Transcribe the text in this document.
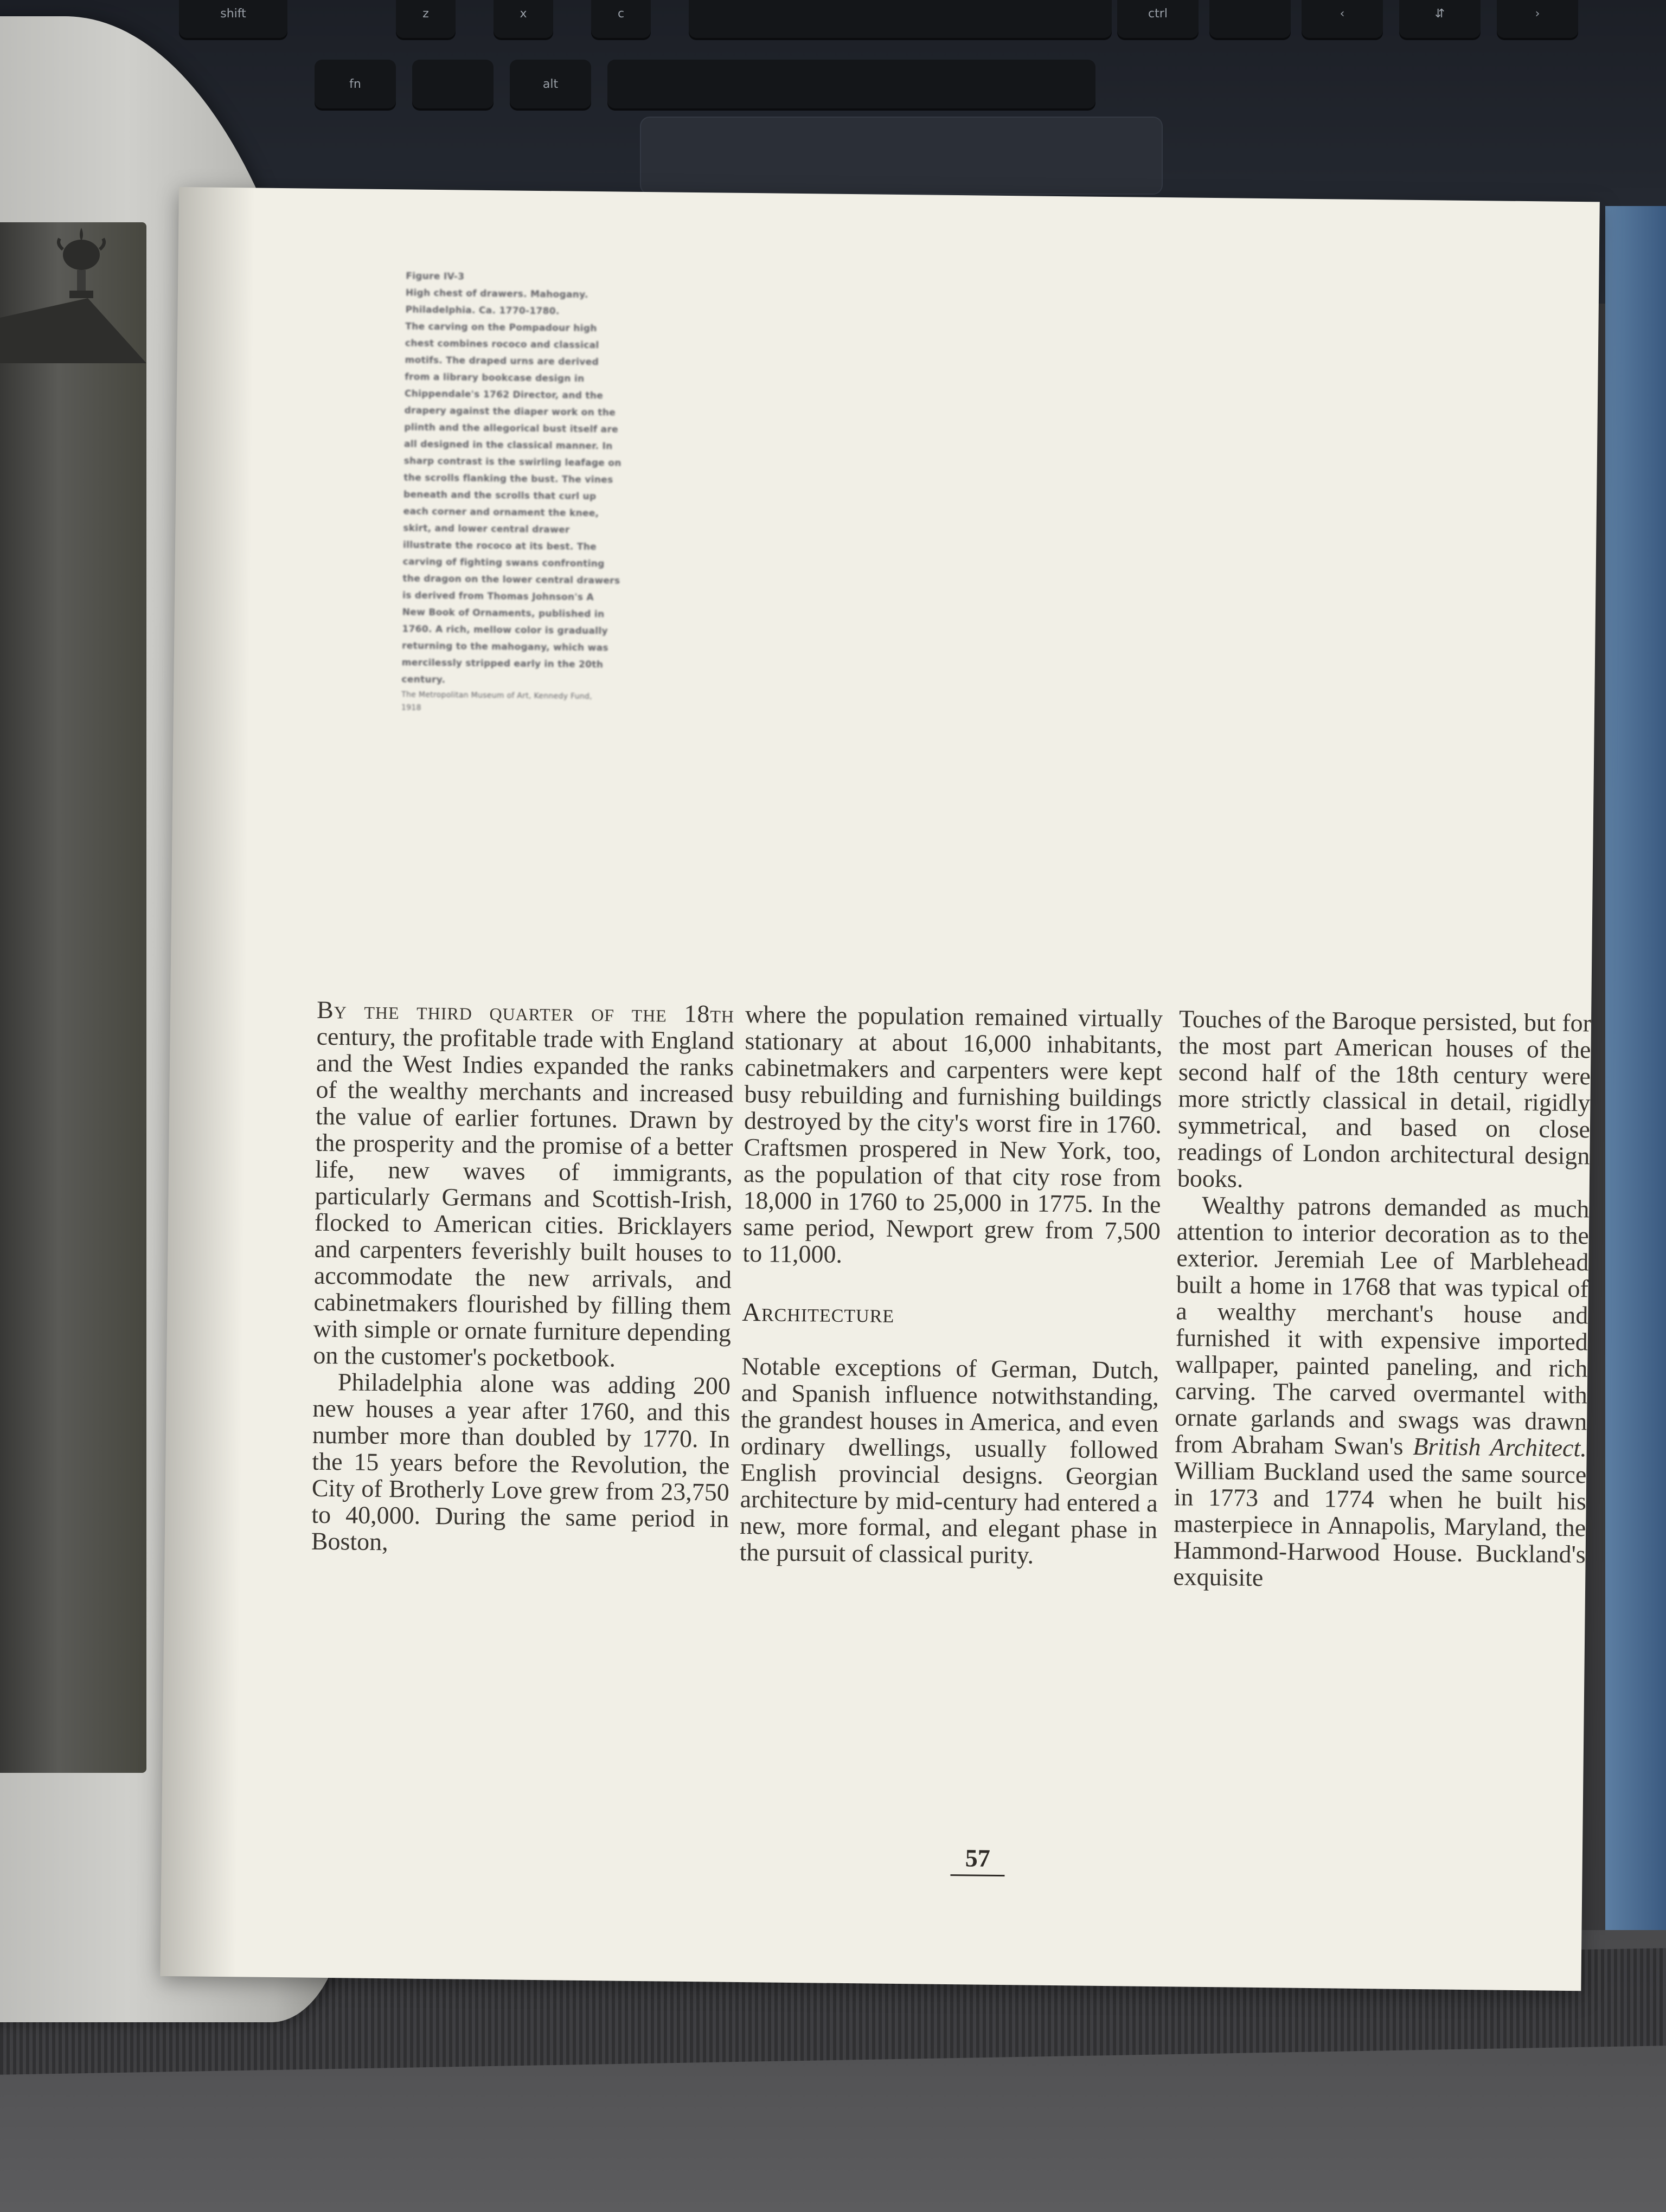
shift	z	x	c
fn	alt
ctrl	‹	⇵	›
Figure IV-3
High chest of drawers. Mahogany.
Philadelphia. Ca. 1770-1780.
The carving on the Pompadour high
chest combines rococo and classical
motifs. The draped urns are derived
from a library bookcase design in
Chippendale's 1762 Director, and the
drapery against the diaper work on the
plinth and the allegorical bust itself are
all designed in the classical manner. In
sharp contrast is the swirling leafage on
the scrolls flanking the bust. The vines
beneath and the scrolls that curl up
each corner and ornament the knee,
skirt, and lower central drawer
illustrate the rococo at its best. The
carving of fighting swans confronting
the dragon on the lower central drawers
is derived from Thomas Johnson's A
New Book of Ornaments, published in
1760. A rich, mellow color is gradually
returning to the mahogany, which was
mercilessly stripped early in the 20th
century.
The Metropolitan Museum of Art, Kennedy Fund,
1918

By the third quarter of the 18th century, the profitable trade with England and the West Indies expanded the ranks of the wealthy merchants and increased the value of earlier fortunes. Drawn by the prosperity and the promise of a better life, new waves of immigrants, particularly Germans and Scottish-Irish, flocked to American cities. Bricklayers and carpenters feverishly built houses to accommodate the new arrivals, and cabinetmakers flourished by filling them with simple or ornate furniture depending on the customer's pocketbook.

Philadelphia alone was adding 200 new houses a year after 1760, and this number more than doubled by 1770. In the 15 years before the Revolution, the City of Brotherly Love grew from 23,750 to 40,000. During the same period in Boston,

where the population remained virtually stationary at about 16,000 inhabitants, cabinetmakers and carpenters were kept busy rebuilding and furnishing buildings destroyed by the city's worst fire in 1760. Craftsmen prospered in New York, too, as the population of that city rose from 18,000 in 1760 to 25,000 in 1775. In the same period, Newport grew from 7,500 to 11,000.

Architecture

Notable exceptions of German, Dutch, and Spanish influence notwithstanding, the grandest houses in America, and even ordinary dwellings, usually followed English provincial designs. Georgian architecture by mid-century had entered a new, more formal, and elegant phase in the pursuit of classical purity.

Touches of the Baroque persisted, but for the most part American houses of the second half of the 18th century were more strictly classical in detail, rigidly symmetrical, and based on close readings of London architectural design books.

Wealthy patrons demanded as much attention to interior decoration as to the exterior. Jeremiah Lee of Marblehead built a home in 1768 that was typical of a wealthy merchant's house and furnished it with expensive imported wallpaper, painted paneling, and rich carving. The carved overmantel with ornate garlands and swags was drawn from Abraham Swan's British Architect. William Buckland used the same source in 1773 and 1774 when he built his masterpiece in Annapolis, Maryland, the Hammond-Harwood House. Buckland's exquisite

57
